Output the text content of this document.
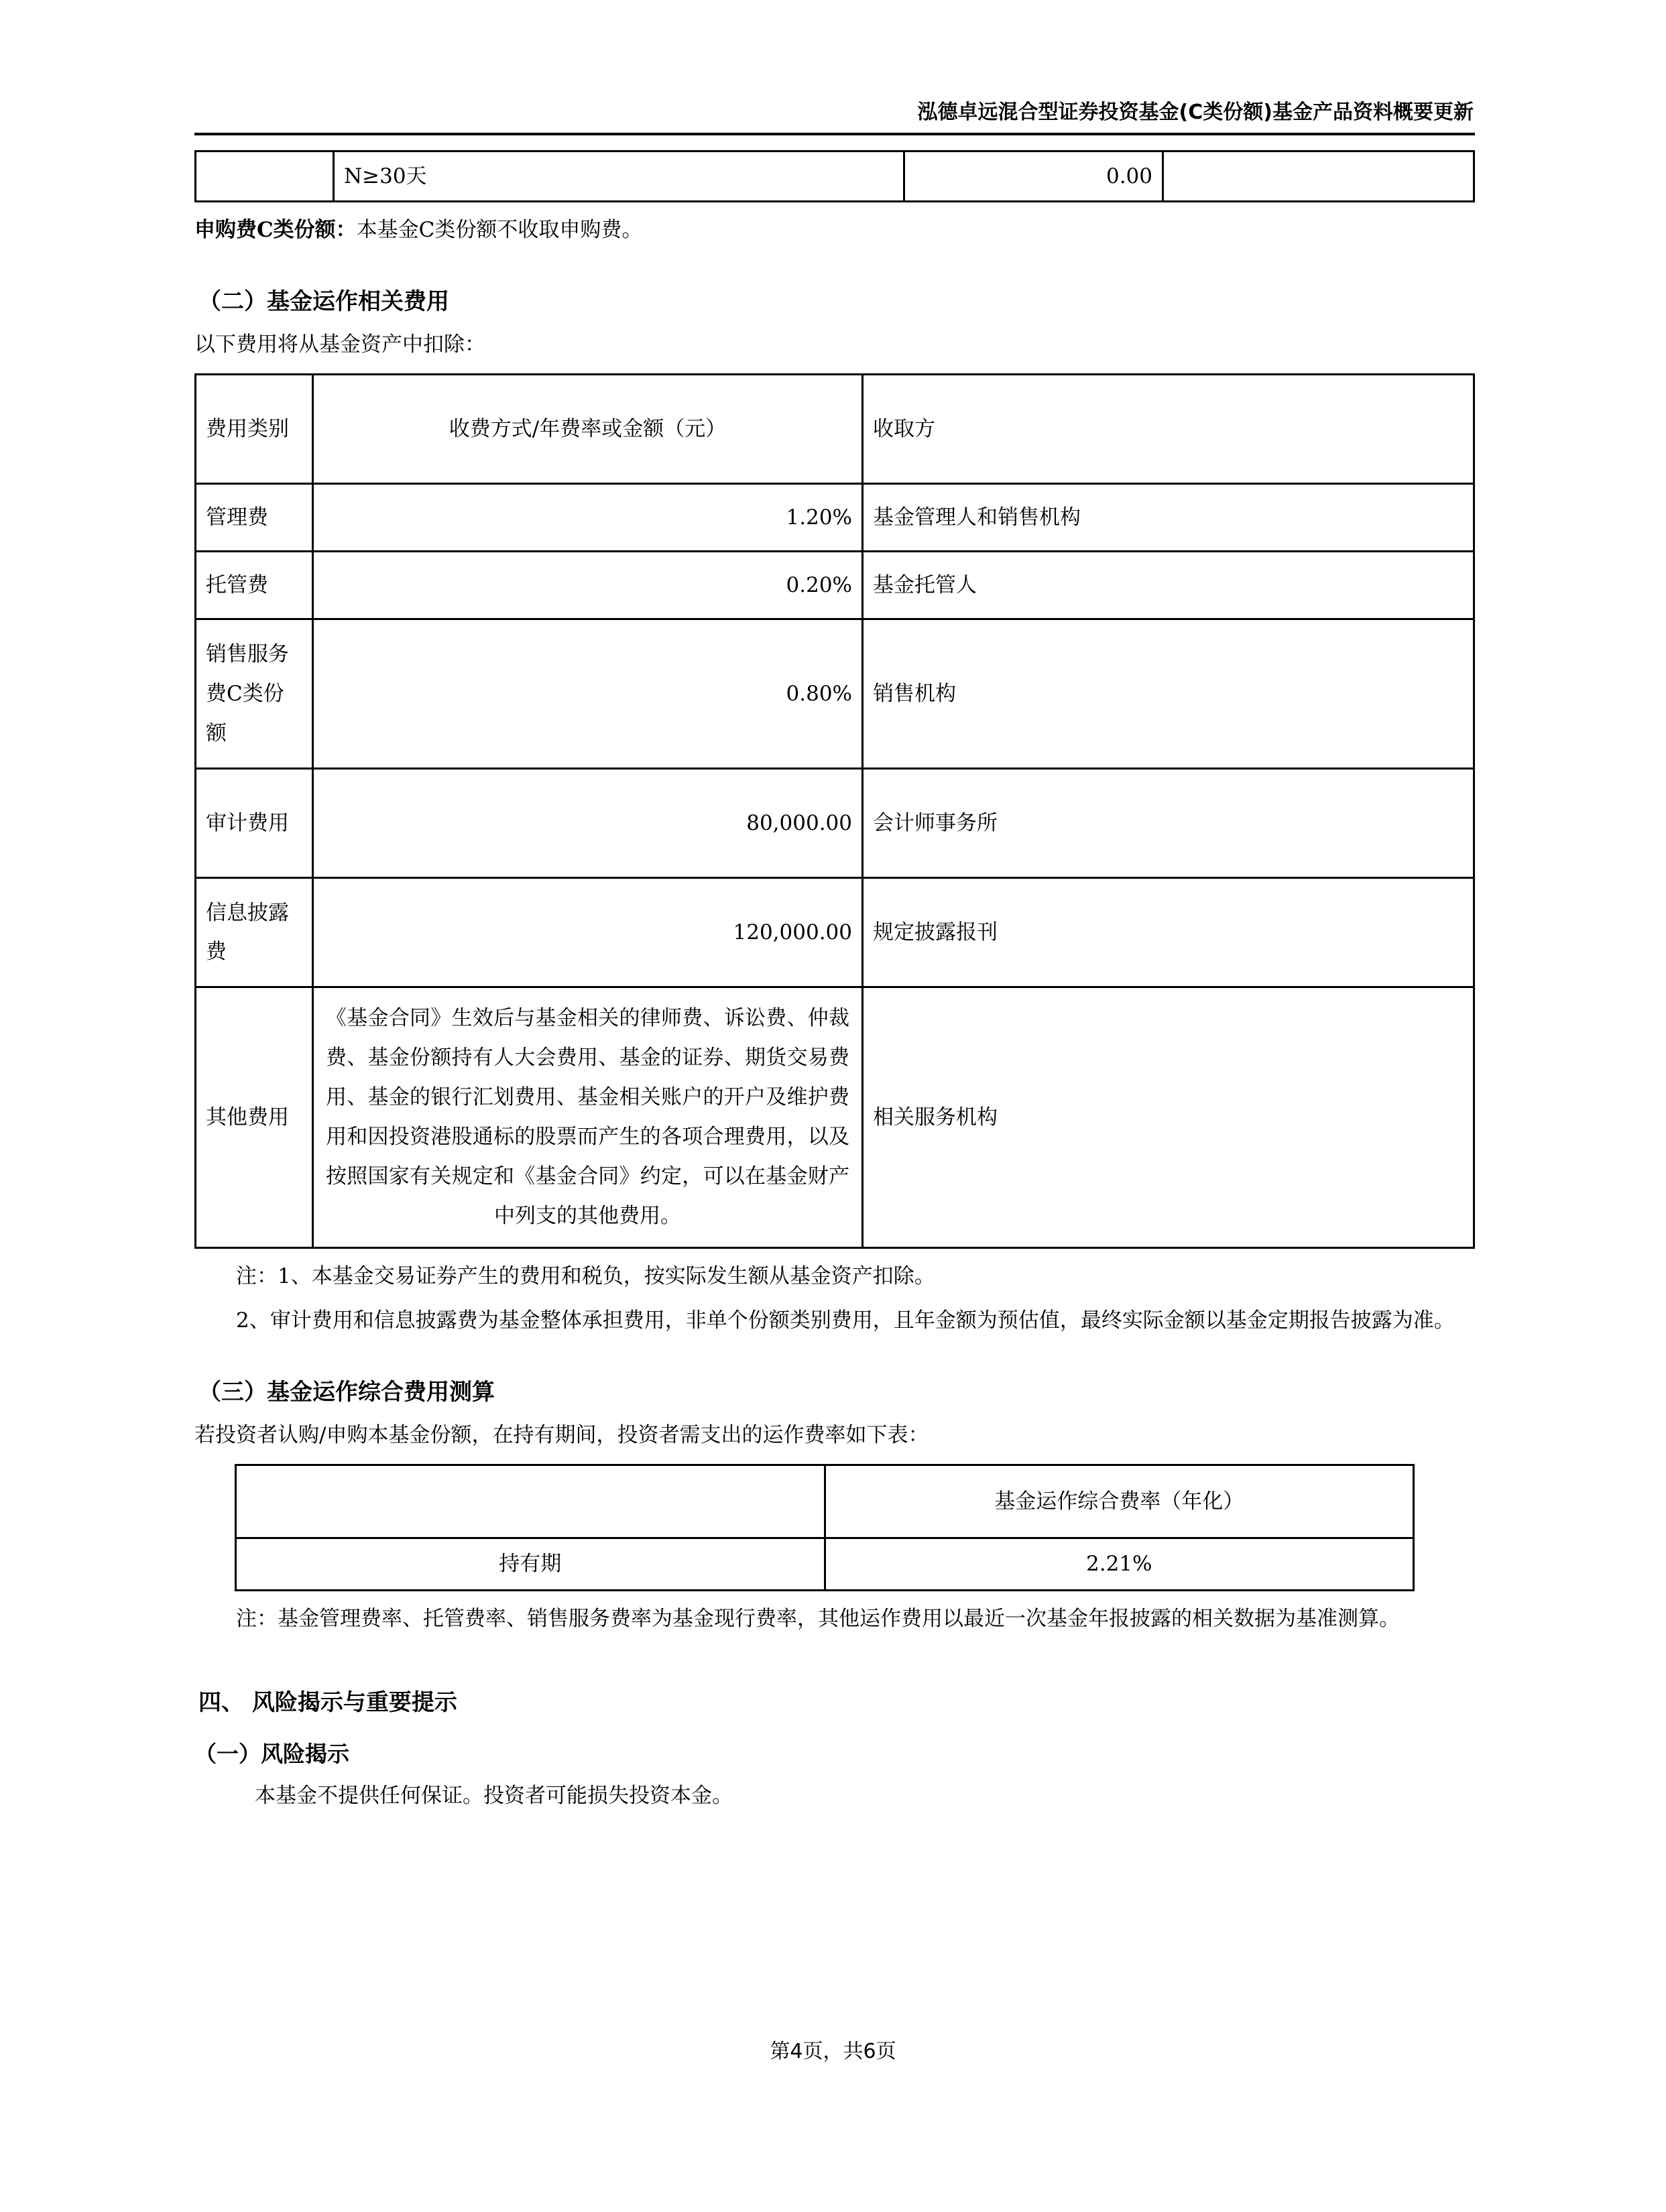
泓德卓远混合型证券投资基金(C类份额)基金产品资料概要更新
	N≥30天	0.00	

申购费C类份额：本基金C类份额不收取申购费。

（二）基金运作相关费用

以下费用将从基金资产中扣除：

费用类别	收费方式/年费率或金额（元）	收取方
管理费	1.20%	基金管理人和销售机构
托管费	0.20%	基金托管人
销售服务费C类份额	0.80%	销售机构
审计费用	80,000.00	会计师事务所
信息披露费	120,000.00	规定披露报刊
其他费用	《基金合同》生效后与基金相关的律师费、诉讼费、仲裁费、基金份额持有人大会费用、基金的证券、期货交易费用、基金的银行汇划费用、基金相关账户的开户及维护费用和因投资港股通标的股票而产生的各项合理费用，以及按照国家有关规定和《基金合同》约定，可以在基金财产中列支的其他费用。	相关服务机构

注：1、本基金交易证券产生的费用和税负，按实际发生额从基金资产扣除。

2、审计费用和信息披露费为基金整体承担费用，非单个份额类别费用，且年金额为预估值，最终实际金额以基金定期报告披露为准。

（三）基金运作综合费用测算

若投资者认购/申购本基金份额，在持有期间，投资者需支出的运作费率如下表：

	基金运作综合费率（年化）
持有期	2.21%

注：基金管理费率、托管费率、销售服务费率为基金现行费率，其他运作费用以最近一次基金年报披露的相关数据为基准测算。

四、 风险揭示与重要提示
（一）风险揭示

本基金不提供任何保证。投资者可能损失投资本金。

第4页，共6页
